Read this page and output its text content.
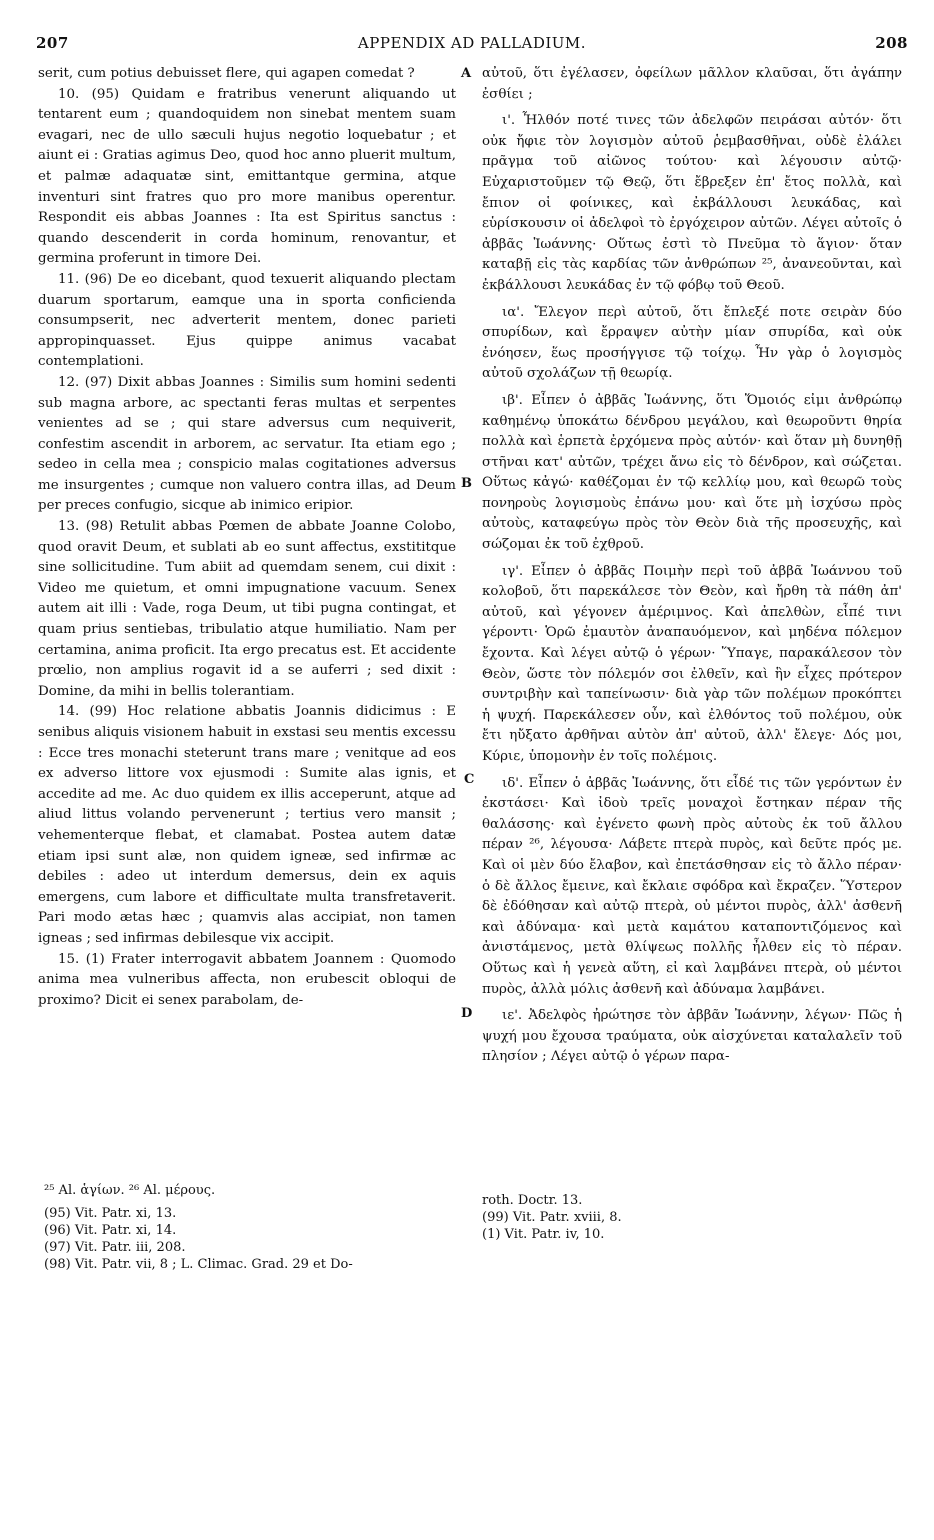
207	APPENDIX AD PALLADIUM.	208
A
B
C
D

serit, cum potius debuisset flere, qui agapen comedat ?

10. (95) Quidam e fratribus venerunt aliquando ut tentarent eum ; quandoquidem non sinebat mentem suam evagari, nec de ullo sæculi hujus negotio loquebatur ; et aiunt ei : Gratias agimus Deo, quod hoc anno pluerit multum, et palmæ adaquatæ sint, emittantque germina, atque inventuri sint fratres quo pro more manibus operentur. Respondit eis abbas Joannes : Ita est Spiritus sanctus : quando descenderit in corda hominum, renovantur, et germina proferunt in timore Dei.

11. (96) De eo dicebant, quod texuerit aliquando plectam duarum sportarum, eamque una in sporta conficienda consumpserit, nec adverterit mentem, donec parieti appropinquasset. Ejus quippe animus vacabat contemplationi.

12. (97) Dixit abbas Joannes : Similis sum homini sedenti sub magna arbore, ac spectanti feras multas et serpentes venientes ad se ; qui stare adversus cum nequiverit, confestim ascendit in arborem, ac servatur. Ita etiam ego ; sedeo in cella mea ; conspicio malas cogitationes adversus me insurgentes ; cumque non valuero contra illas, ad Deum per preces confugio, sicque ab inimico eripior.

13. (98) Retulit abbas Pœmen de abbate Joanne Colobo, quod oravit Deum, et sublati ab eo sunt affectus, exstititque sine sollicitudine. Tum abiit ad quemdam senem, cui dixit : Video me quietum, et omni impugnatione vacuum. Senex autem ait illi : Vade, roga Deum, ut tibi pugna contingat, et quam prius sentiebas, tribulatio atque humiliatio. Nam per certamina, anima proficit. Ita ergo precatus est. Et accidente prœlio, non amplius rogavit id a se auferri ; sed dixit : Domine, da mihi in bellis tolerantiam.

14. (99) Hoc relatione abbatis Joannis didicimus : E senibus aliquis visionem habuit in exstasi seu mentis excessu : Ecce tres monachi steterunt trans mare ; venitque ad eos ex adverso littore vox ejusmodi : Sumite alas ignis, et accedite ad me. Ac duo quidem ex illis acceperunt, atque ad aliud littus volando pervenerunt ; tertius vero mansit ; vehementerque flebat, et clamabat. Postea autem datæ etiam ipsi sunt alæ, non quidem igneæ, sed infirmæ ac debiles : adeo ut interdum demersus, dein ex aquis emergens, cum labore et difficultate multa transfretaverit. Pari modo ætas hæc ; quamvis alas accipiat, non tamen igneas ; sed infirmas debilesque vix accipit.

15. (1) Frater interrogavit abbatem Joannem : Quomodo anima mea vulneribus affecta, non erubescit obloqui de proximo? Dicit ei senex parabolam, de-

αὐτοῦ, ὅτι ἐγέλασεν, ὀφείλων μᾶλλον κλαῦσαι, ὅτι ἀγάπην ἐσθίει ;

ι'. Ἦλθόν ποτέ τινες τῶν ἀδελφῶν πειράσαι αὐτόν· ὅτι οὐκ ἤφιε τὸν λογισμὸν αὐτοῦ ῥεμβασθῆναι, οὐδὲ ἐλάλει πρᾶγμα τοῦ αἰῶνος τούτου· καὶ λέγουσιν αὐτῷ· Εὐχαριστοῦμεν τῷ Θεῷ, ὅτι ἔβρεξεν ἐπ' ἔτος πολλὰ, καὶ ἔπιον οἱ φοίνικες, καὶ ἐκβάλλουσι λευκάδας, καὶ εὑρίσκουσιν οἱ ἀδελφοὶ τὸ ἐργόχειρον αὐτῶν. Λέγει αὐτοῖς ὁ ἀββᾶς Ἰωάννης· Οὕτως ἐστὶ τὸ Πνεῦμα τὸ ἅγιον· ὅταν καταβῇ εἰς τὰς καρδίας τῶν ἀνθρώπων ²⁵, ἀνανεοῦνται, καὶ ἐκβάλλουσι λευκάδας ἐν τῷ φόβῳ τοῦ Θεοῦ.

ια'. Ἔλεγον περὶ αὐτοῦ, ὅτι ἔπλεξέ ποτε σειρὰν δύο σπυρίδων, καὶ ἔρραψεν αὐτὴν μίαν σπυρίδα, καὶ οὐκ ἐνόησεν, ἕως προσήγγισε τῷ τοίχῳ. Ἦν γὰρ ὁ λογισμὸς αὐτοῦ σχολάζων τῇ θεωρίᾳ.

ιβ'. Εἶπεν ὁ ἀββᾶς Ἰωάννης, ὅτι Ὅμοιός εἰμι ἀνθρώπῳ καθημένῳ ὑποκάτω δένδρου μεγάλου, καὶ θεωροῦντι θηρία πολλὰ καὶ ἑρπετὰ ἐρχόμενα πρὸς αὐτόν· καὶ ὅταν μὴ δυνηθῇ στῆναι κατ' αὐτῶν, τρέχει ἄνω εἰς τὸ δένδρον, καὶ σώζεται. Οὕτως κἀγώ· καθέζομαι ἐν τῷ κελλίῳ μου, καὶ θεωρῶ τοὺς πονηροὺς λογισμοὺς ἐπάνω μου· καὶ ὅτε μὴ ἰσχύσω πρὸς αὐτοὺς, καταφεύγω πρὸς τὸν Θεὸν διὰ τῆς προσευχῆς, καὶ σώζομαι ἐκ τοῦ ἐχθροῦ.

ιγ'. Εἶπεν ὁ ἀββᾶς Ποιμὴν περὶ τοῦ ἀββᾶ Ἰωάννου τοῦ κολοβοῦ, ὅτι παρεκάλεσε τὸν Θεὸν, καὶ ἤρθη τὰ πάθη ἀπ' αὐτοῦ, καὶ γέγονεν ἀμέριμνος. Καὶ ἀπελθὼν, εἶπέ τινι γέροντι· Ὁρῶ ἐμαυτὸν ἀναπαυόμενον, καὶ μηδένα πόλεμον ἔχοντα. Καὶ λέγει αὐτῷ ὁ γέρων· Ὕπαγε, παρακάλεσον τὸν Θεὸν, ὥστε τὸν πόλεμόν σοι ἐλθεῖν, καὶ ἣν εἶχες πρότερον συντριβὴν καὶ ταπείνωσιν· διὰ γὰρ τῶν πολέμων προκόπτει ἡ ψυχή. Παρεκάλεσεν οὖν, καὶ ἐλθόντος τοῦ πολέμου, οὐκ ἔτι ηὔξατο ἀρθῆναι αὐτὸν ἀπ' αὐτοῦ, ἀλλ' ἔλεγε· Δός μοι, Κύριε, ὑπομονὴν ἐν τοῖς πολέμοις.

ιδ'. Εἶπεν ὁ ἀββᾶς Ἰωάννης, ὅτι εἶδέ τις τῶν γερόντων ἐν ἐκστάσει· Καὶ ἰδοὺ τρεῖς μοναχοὶ ἔστηκαν πέραν τῆς θαλάσσης· καὶ ἐγένετο φωνὴ πρὸς αὐτοὺς ἐκ τοῦ ἄλλου πέραν ²⁶, λέγουσα· Λάβετε πτερὰ πυρὸς, καὶ δεῦτε πρός με. Καὶ οἱ μὲν δύο ἔλαβον, καὶ ἐπετάσθησαν εἰς τὸ ἄλλο πέραν· ὁ δὲ ἄλλος ἔμεινε, καὶ ἔκλαιε σφόδρα καὶ ἔκραζεν. Ὕστερον δὲ ἐδόθησαν καὶ αὐτῷ πτερὰ, οὐ μέντοι πυρὸς, ἀλλ' ἀσθενῆ καὶ ἀδύναμα· καὶ μετὰ καμάτου καταποντιζόμενος καὶ ἀνιστάμενος, μετὰ θλίψεως πολλῆς ἦλθεν εἰς τὸ πέραν. Οὕτως καὶ ἡ γενεὰ αὕτη, εἰ καὶ λαμβάνει πτερὰ, οὐ μέντοι πυρὸς, ἀλλὰ μόλις ἀσθενῆ καὶ ἀδύναμα λαμβάνει.

ιε'. Ἀδελφὸς ἠρώτησε τὸν ἀββᾶν Ἰωάννην, λέγων· Πῶς ἡ ψυχή μου ἔχουσα τραύματα, οὐκ αἰσχύνεται καταλαλεῖν τοῦ πλησίον ; Λέγει αὐτῷ ὁ γέρων παρα-

²⁵ Al. ἁγίων. ²⁶ Al. μέρους.
(95) Vit. Patr. xi, 13.
(96) Vit. Patr. xi, 14.
(97) Vit. Patr. iii, 208.
(98) Vit. Patr. vii, 8 ; L. Climac. Grad. 29 et Do-
roth. Doctr. 13.
(99) Vit. Patr. xviii, 8.
(1) Vit. Patr. iv, 10.
